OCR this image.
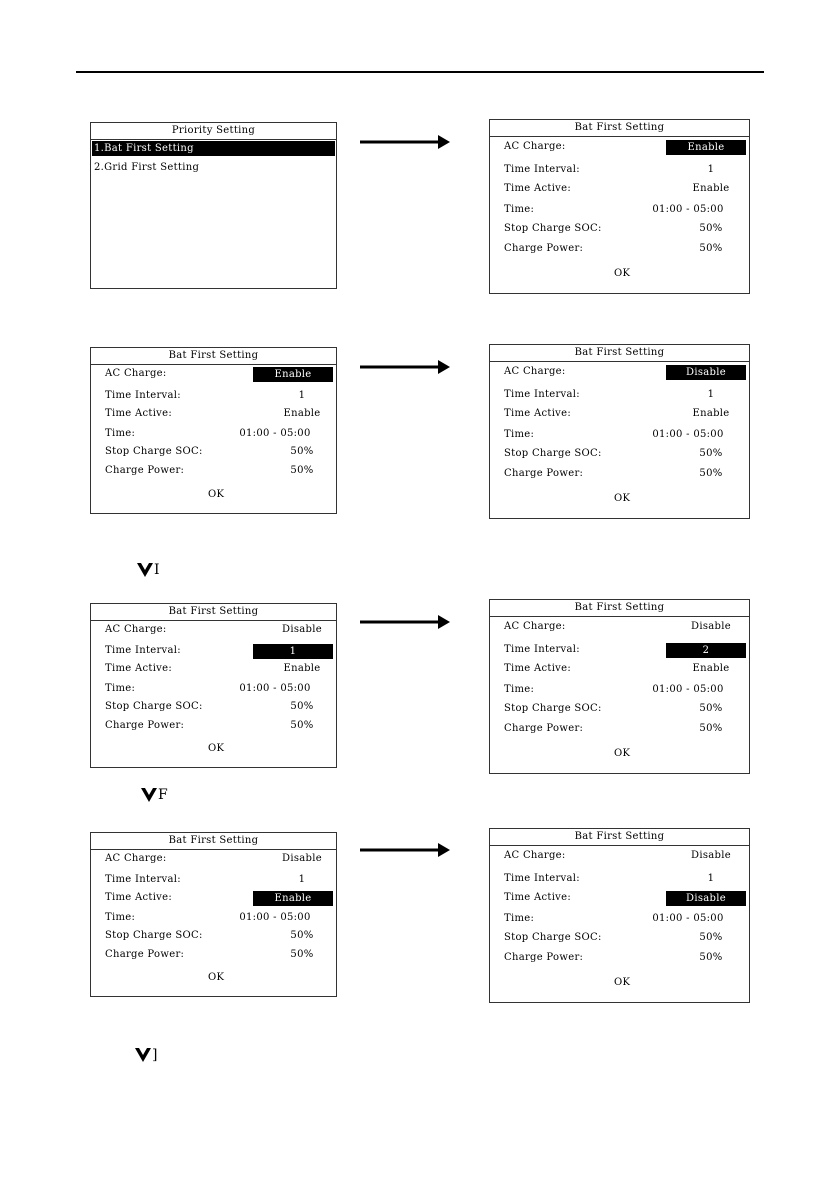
Priority Setting
1.Bat First Setting
2.Grid First Setting
Bat First Setting
AC Charge:	Enable
Time Interval:	1
Time Active:	Enable
Time:	01:00 - 05:00
Stop Charge SOC:	50%
Charge Power:	50%
OK
Bat First Setting
AC Charge:	Enable
Time Interval:	1
Time Active:	Enable
Time:	01:00 - 05:00
Stop Charge SOC:	50%
Charge Power:	50%
OK
Bat First Setting
AC Charge:	Disable
Time Interval:	1
Time Active:	Enable
Time:	01:00 - 05:00
Stop Charge SOC:	50%
Charge Power:	50%
OK
Bat First Setting
AC Charge:	Disable
Time Interval:	1
Time Active:	Enable
Time:	01:00 - 05:00
Stop Charge SOC:	50%
Charge Power:	50%
OK
Bat First Setting
AC Charge:	Disable
Time Interval:	2
Time Active:	Enable
Time:	01:00 - 05:00
Stop Charge SOC:	50%
Charge Power:	50%
OK
Bat First Setting
AC Charge:	Disable
Time Interval:	1
Time Active:	Enable
Time:	01:00 - 05:00
Stop Charge SOC:	50%
Charge Power:	50%
OK
Bat First Setting
AC Charge:	Disable
Time Interval:	1
Time Active:	Disable
Time:	01:00 - 05:00
Stop Charge SOC:	50%
Charge Power:	50%
OK
I
F
]
